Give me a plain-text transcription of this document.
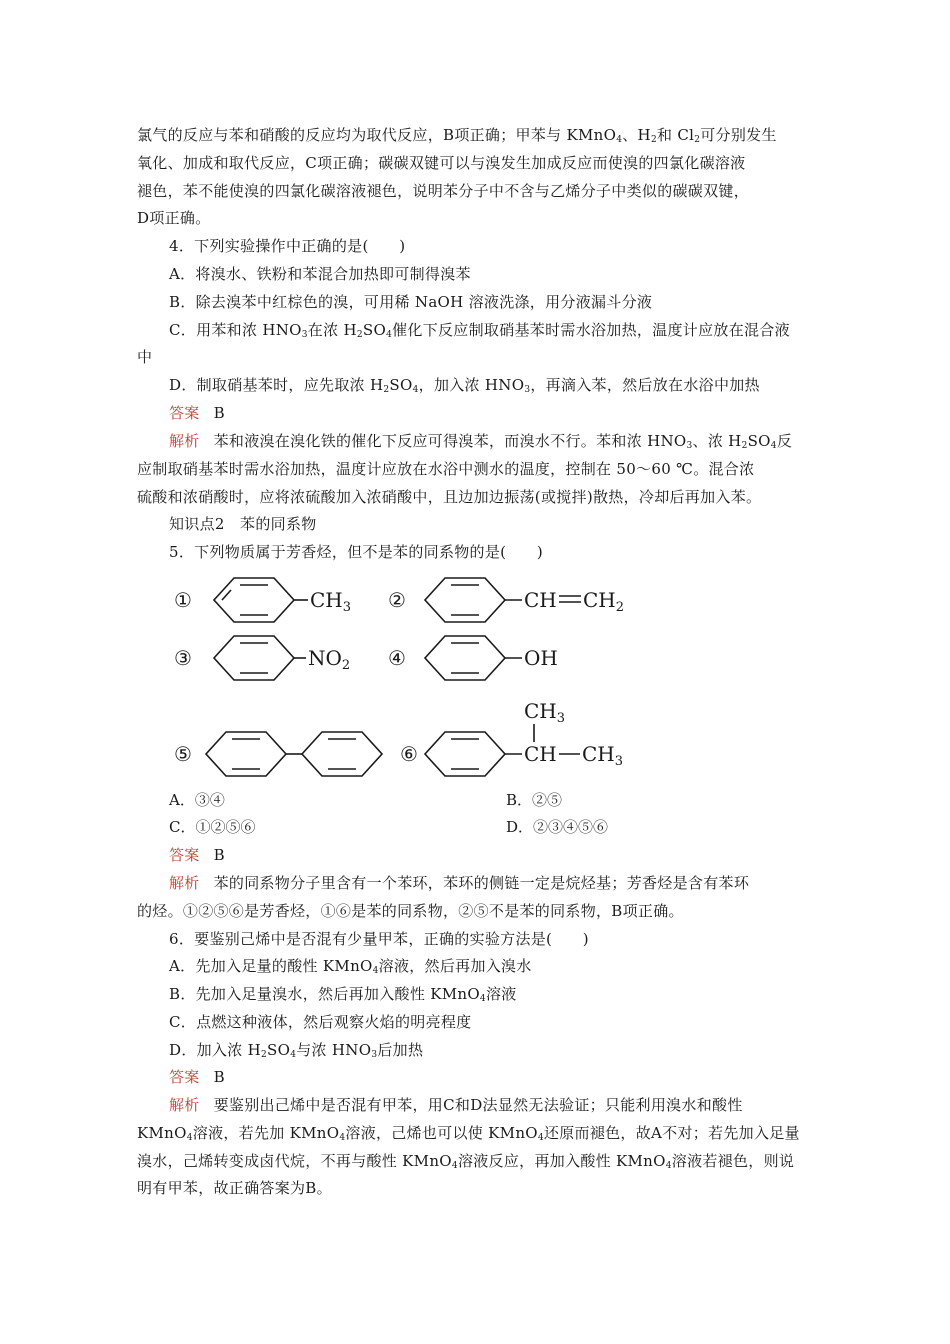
氯气的反应与苯和硝酸的反应均为取代反应，B项正确；甲苯与 KMnO$_4$、$H_2$和 $Cl_2$可分别发生
氧化、加成和取代反应，C项正确；碳碳双键可以与溴发生加成反应而使溴的四氯化碳溶液
褪色，苯不能使溴的四氯化碳溶液褪色，说明苯分子中不含与乙烯分子中类似的碳碳双键，
D项正确。
4．下列实验操作中正确的是(　　)
A．将溴水、铁粉和苯混合加热即可制得溴苯
B．除去溴苯中红棕色的溴，可用稀 NaOH 溶液洗涤，用分液漏斗分液
C．用苯和浓 $HNO_3$在浓 $H_2SO_4$催化下反应制取硝基苯时需水浴加热，温度计应放在混合液
中
D．制取硝基苯时，应先取浓 $H_2SO_4$，加入浓 $HNO_3$，再滴入苯，然后放在水浴中加热
答案 B
解析 苯和液溴在溴化铁的催化下反应可得溴苯，而溴水不行。苯和浓 $HNO_3$、浓 $H_2SO_4$反
应制取硝基苯时需水浴加热，温度计应放在水浴中测水的温度，控制在 50～60 ℃。混合浓
硫酸和浓硝酸时，应将浓硫酸加入浓硝酸中，且边加边振荡(或搅拌)散热，冷却后再加入苯。
知识点2　苯的同系物
5．下列物质属于芳香烃，但不是苯的同系物的是(　　)
①	$CH_3$ ②	CH $CH_2$
③	$NO_2$ ④	OH
⑤	⑥
$CH_3$
CH $CH_3$
A．③④	B．②⑤
C．①②⑤⑥	D．②③④⑤⑥
答案 B
解析 苯的同系物分子里含有一个苯环，苯环的侧链一定是烷烃基；芳香烃是含有苯环
的烃。①②⑤⑥是芳香烃，①⑥是苯的同系物，②⑤不是苯的同系物，B项正确。
6．要鉴别己烯中是否混有少量甲苯，正确的实验方法是(　　)
A．先加入足量的酸性 KMnO$_4$溶液，然后再加入溴水
B．先加入足量溴水，然后再加入酸性 KMnO$_4$溶液
C．点燃这种液体，然后观察火焰的明亮程度
D．加入浓 $H_2SO_4$与浓 $HNO_3$后加热
答案 B
解析 要鉴别出己烯中是否混有甲苯，用C和D法显然无法验证；只能利用溴水和酸性
KMnO$_4$溶液，若先加 KMnO$_4$溶液，己烯也可以使 KMnO$_4$还原而褪色，故A不对；若先加入足量
溴水，己烯转变成卤代烷，不再与酸性 KMnO$_4$溶液反应，再加入酸性 KMnO$_4$溶液若褪色，则说
明有甲苯，故正确答案为B。
